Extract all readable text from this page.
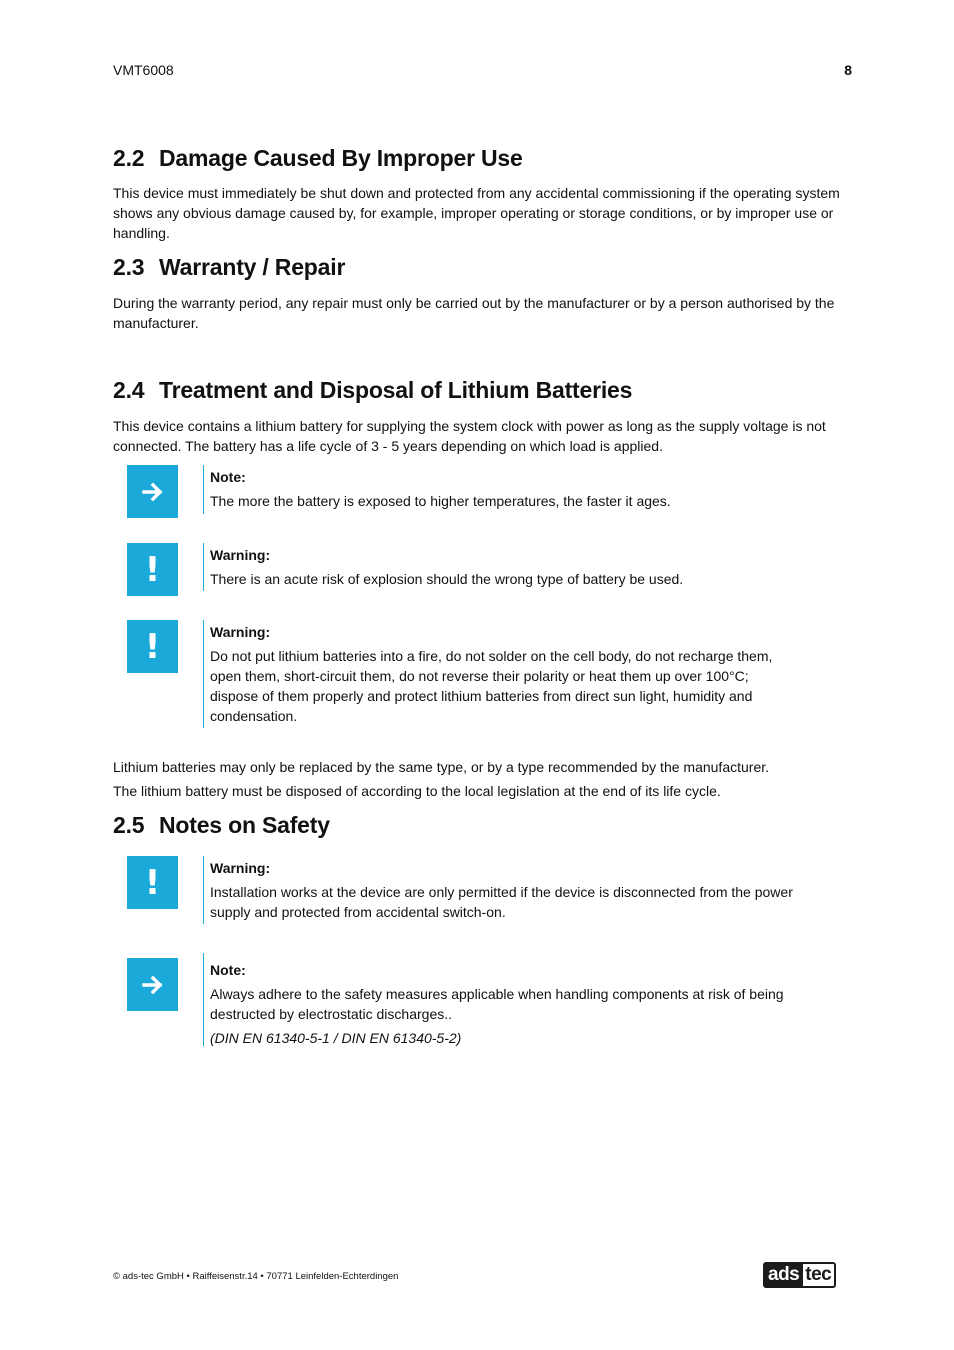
VMT6008	8
2.2 Damage Caused By Improper Use

This device must immediately be shut down and protected from any accidental commissioning if the operating system shows any obvious damage caused by, for example, improper operating or storage conditions, or by improper use or handling.

2.3 Warranty / Repair

During the warranty period, any repair must only be carried out by the manufacturer or by a person authorised by the manufacturer.

2.4 Treatment and Disposal of Lithium Batteries

This device contains a lithium battery for supplying the system clock with power as long as the supply voltage is not connected. The battery has a life cycle of 3 - 5 years depending on which load is applied.

Note:
The more the battery is exposed to higher temperatures, the faster it ages.
!	Warning:
There is an acute risk of explosion should the wrong type of battery be used.
!	Warning:
Do not put lithium batteries into a fire, do not solder on the cell body, do not recharge them, open them, short-circuit them, do not reverse their polarity or heat them up over 100°C; dispose of them properly and protect lithium batteries from direct sun light, humidity and condensation.

Lithium batteries may only be replaced by the same type, or by a type recommended by the manufacturer.

The lithium battery must be disposed of according to the local legislation at the end of its life cycle.

2.5 Notes on Safety
!	Warning:
Installation works at the device are only permitted if the device is disconnected from the power supply and protected from accidental switch-on.
Note:
Always adhere to the safety measures applicable when handling components at risk of being destructed by electrostatic discharges..
(DIN EN 61340-5-1 / DIN EN 61340-5-2)
© ads-tec GmbH • Raiffeisenstr.14 • 70771 Leinfelden-Echterdingen	ads tec
